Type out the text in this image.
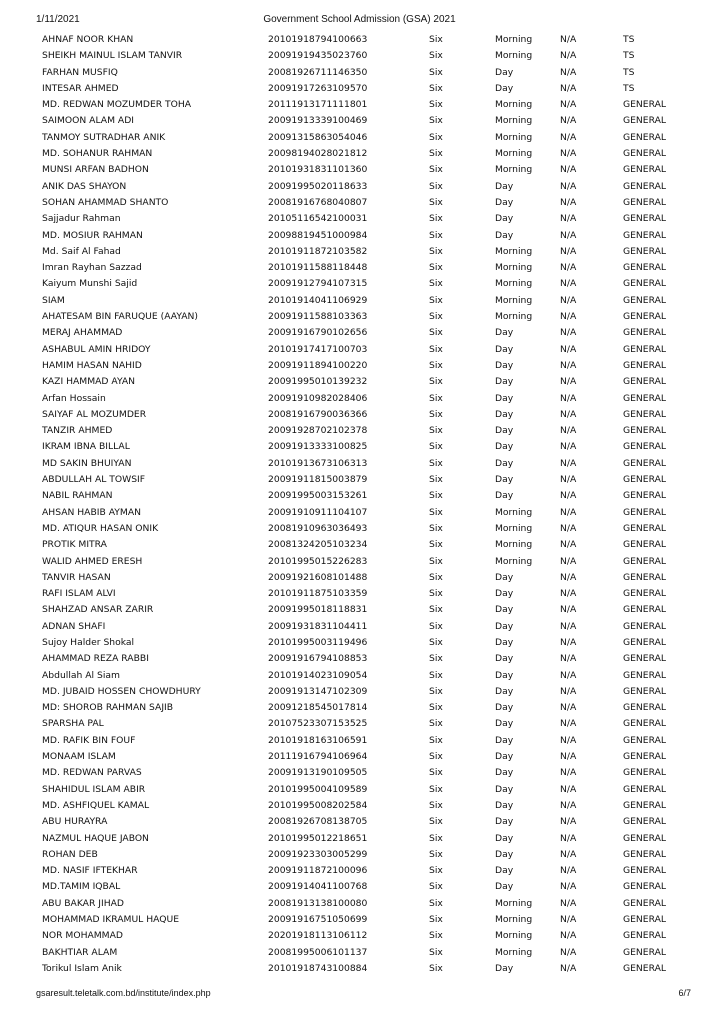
1/11/2021	Government School Admission (GSA) 2021
AHNAF NOOR KHAN	20101918794100663	Six	Morning	N/A	TS
SHEIKH MAINUL ISLAM TANVIR	20091919435023760	Six	Morning	N/A	TS
FARHAN MUSFIQ	20081926711146350	Six	Day	N/A	TS
INTESAR AHMED	20091917263109570	Six	Day	N/A	TS
MD. REDWAN MOZUMDER TOHA	20111913171111801	Six	Morning	N/A	GENERAL
SAIMOON ALAM ADI	20091913339100469	Six	Morning	N/A	GENERAL
TANMOY SUTRADHAR ANIK	20091315863054046	Six	Morning	N/A	GENERAL
MD. SOHANUR RAHMAN	20098194028021812	Six	Morning	N/A	GENERAL
MUNSI ARFAN BADHON	20101931831101360	Six	Morning	N/A	GENERAL
ANIK DAS SHAYON	20091995020118633	Six	Day	N/A	GENERAL
SOHAN AHAMMAD SHANTO	20081916768040807	Six	Day	N/A	GENERAL
Sajjadur Rahman	20105116542100031	Six	Day	N/A	GENERAL
MD. MOSIUR RAHMAN	20098819451000984	Six	Day	N/A	GENERAL
Md. Saif Al Fahad	20101911872103582	Six	Morning	N/A	GENERAL
Imran Rayhan Sazzad	20101911588118448	Six	Morning	N/A	GENERAL
Kaiyum Munshi Sajid	20091912794107315	Six	Morning	N/A	GENERAL
SIAM	20101914041106929	Six	Morning	N/A	GENERAL
AHATESAM BIN FARUQUE (AAYAN)	20091911588103363	Six	Morning	N/A	GENERAL
MERAJ AHAMMAD	20091916790102656	Six	Day	N/A	GENERAL
ASHABUL AMIN HRIDOY	20101917417100703	Six	Day	N/A	GENERAL
HAMIM HASAN NAHID	20091911894100220	Six	Day	N/A	GENERAL
KAZI HAMMAD AYAN	20091995010139232	Six	Day	N/A	GENERAL
Arfan Hossain	20091910982028406	Six	Day	N/A	GENERAL
SAIYAF AL MOZUMDER	20081916790036366	Six	Day	N/A	GENERAL
TANZIR AHMED	20091928702102378	Six	Day	N/A	GENERAL
IKRAM IBNA BILLAL	20091913333100825	Six	Day	N/A	GENERAL
MD SAKIN BHUIYAN	20101913673106313	Six	Day	N/A	GENERAL
ABDULLAH AL TOWSIF	20091911815003879	Six	Day	N/A	GENERAL
NABIL RAHMAN	20091995003153261	Six	Day	N/A	GENERAL
AHSAN HABIB AYMAN	20091910911104107	Six	Morning	N/A	GENERAL
MD. ATIQUR HASAN ONIK	20081910963036493	Six	Morning	N/A	GENERAL
PROTIK MITRA	20081324205103234	Six	Morning	N/A	GENERAL
WALID AHMED ERESH	20101995015226283	Six	Morning	N/A	GENERAL
TANVIR HASAN	20091921608101488	Six	Day	N/A	GENERAL
RAFI ISLAM ALVI	20101911875103359	Six	Day	N/A	GENERAL
SHAHZAD ANSAR ZARIR	20091995018118831	Six	Day	N/A	GENERAL
ADNAN SHAFI	20091931831104411	Six	Day	N/A	GENERAL
Sujoy Halder Shokal	20101995003119496	Six	Day	N/A	GENERAL
AHAMMAD REZA RABBI	20091916794108853	Six	Day	N/A	GENERAL
Abdullah Al Siam	20101914023109054	Six	Day	N/A	GENERAL
MD. JUBAID HOSSEN CHOWDHURY	20091913147102309	Six	Day	N/A	GENERAL
MD: SHOROB RAHMAN SAJIB	20091218545017814	Six	Day	N/A	GENERAL
SPARSHA PAL	20107523307153525	Six	Day	N/A	GENERAL
MD. RAFIK BIN FOUF	20101918163106591	Six	Day	N/A	GENERAL
MONAAM ISLAM	20111916794106964	Six	Day	N/A	GENERAL
MD. REDWAN PARVAS	20091913190109505	Six	Day	N/A	GENERAL
SHAHIDUL ISLAM ABIR	20101995004109589	Six	Day	N/A	GENERAL
MD. ASHFIQUEL KAMAL	20101995008202584	Six	Day	N/A	GENERAL
ABU HURAYRA	20081926708138705	Six	Day	N/A	GENERAL
NAZMUL HAQUE JABON	20101995012218651	Six	Day	N/A	GENERAL
ROHAN DEB	20091923303005299	Six	Day	N/A	GENERAL
MD. NASIF IFTEKHAR	20091911872100096	Six	Day	N/A	GENERAL
MD.TAMIM IQBAL	20091914041100768	Six	Day	N/A	GENERAL
ABU BAKAR JIHAD	20081913138100080	Six	Morning	N/A	GENERAL
MOHAMMAD IKRAMUL HAQUE	20091916751050699	Six	Morning	N/A	GENERAL
NOR MOHAMMAD	20201918113106112	Six	Morning	N/A	GENERAL
BAKHTIAR ALAM	20081995006101137	Six	Morning	N/A	GENERAL
Torikul Islam Anik	20101918743100884	Six	Day	N/A	GENERAL
gsaresult.teletalk.com.bd/institute/index.php	6/7
